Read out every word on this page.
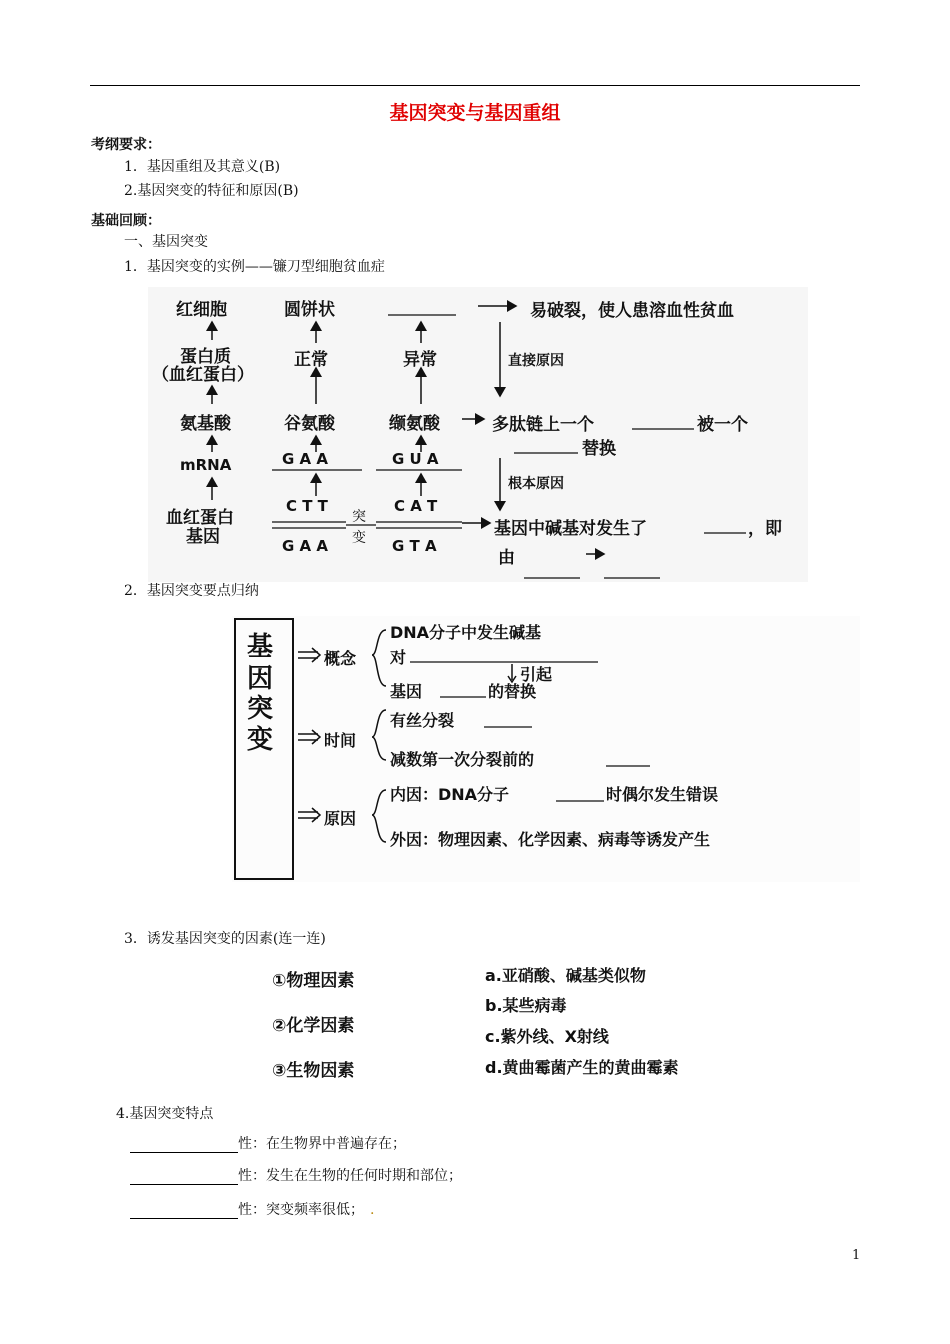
基因突变与基因重组
考纲要求：
1．基因重组及其意义(B)
2.基因突变的特征和原因(B)
基础回顾：
一、基因突变
1．基因突变的实例——镰刀型细胞贫血症
红细胞
蛋白质
（血红蛋白）
氨基酸
mRNA
血红蛋白
基因
圆饼状
正常
谷氨酸
G A A
C T T
G A A
异常
缬氨酸
G U A
C A T
G T A
突
变
易破裂，使人患溶血性贫血
直接原因
多肽链上一个	被一个
替换
根本原因
基因中碱基对发生了	，即
由
2．基因突变要点归纳
基
因
突
变
概念
DNA分子中发生碱基
对
引起
基因	的替换
时间
有丝分裂
减数第一次分裂前的
原因
内因：DNA分子	时偶尔发生错误
外因：物理因素、化学因素、病毒等诱发产生
3．诱发基因突变的因素(连一连)
①物理因素
②化学因素
③生物因素
a.亚硝酸、碱基类似物
b.某些病毒
c.紫外线、X射线
d.黄曲霉菌产生的黄曲霉素
4.基因突变特点
性：在生物界中普遍存在；
性：发生在生物的任何时期和部位；
性：突变频率很低； .
1
